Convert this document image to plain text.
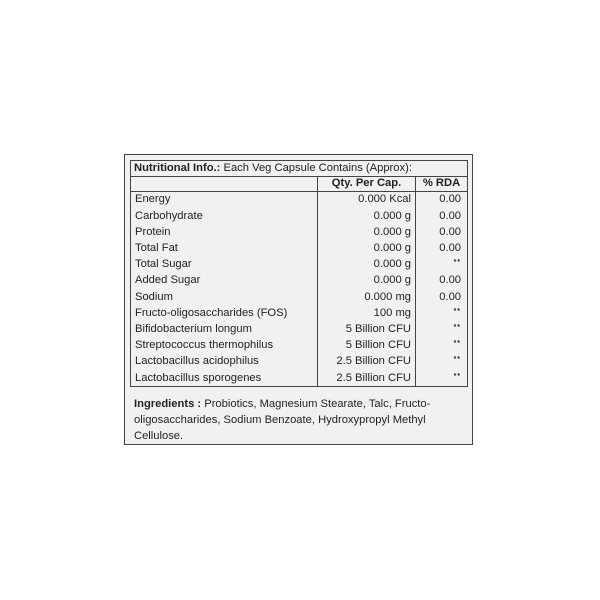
Nutritional Info.: Each Veg Capsule Contains (Approx):		
	Qty. Per Cap.	% RDA
Energy	0.000 Kcal	0.00
Carbohydrate	0.000 g	0.00
Protein	0.000 g	0.00
Total Fat	0.000 g	0.00
Total Sugar	0.000 g	**
Added Sugar	0.000 g	0.00
Sodium	0.000 mg	0.00
Fructo-oligosaccharides (FOS)	100 mg	**
Bifidobacterium longum	5 Billion CFU	**
Streptococcus thermophilus	5 Billion CFU	**
Lactobacillus acidophilus	2.5 Billion CFU	**
Lactobacillus sporogenes	2.5 Billion CFU	**

Ingredients : Probiotics, Magnesium Stearate, Talc, Fructo-oligosaccharides, Sodium Benzoate, Hydroxypropyl Methyl Cellulose.
